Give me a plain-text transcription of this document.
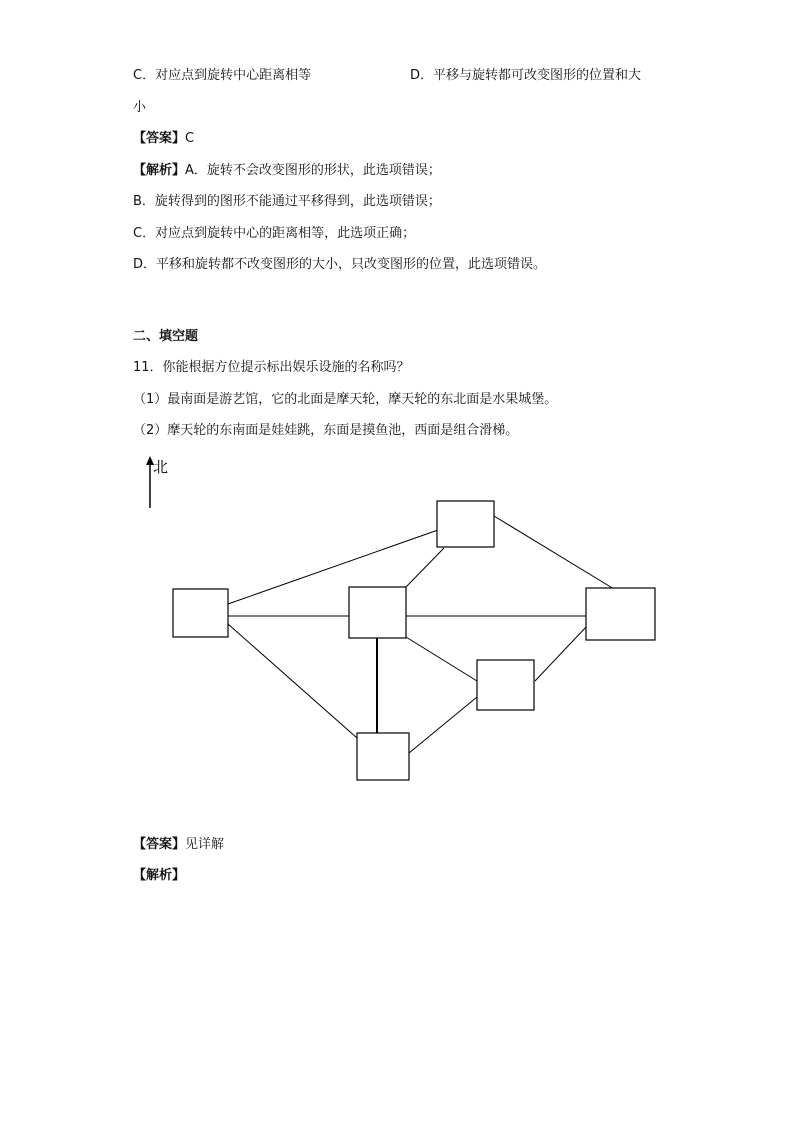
C．对应点到旋转中心距离相等	D．平移与旋转都可改变图形的位置和大
小
【答案】C
【解析】A．旋转不会改变图形的形状，此选项错误；
B．旋转得到的图形不能通过平移得到，此选项错误；
C．对应点到旋转中心的距离相等，此选项正确；
D．平移和旋转都不改变图形的大小，只改变图形的位置，此选项错误。
二、填空题
11．你能根据方位提示标出娱乐设施的名称吗？
（1）最南面是游艺馆，它的北面是摩天轮，摩天轮的东北面是水果城堡。
（2）摩天轮的东南面是娃娃跳，东面是摸鱼池，西面是组合滑梯。
北
【答案】见详解
【解析】
